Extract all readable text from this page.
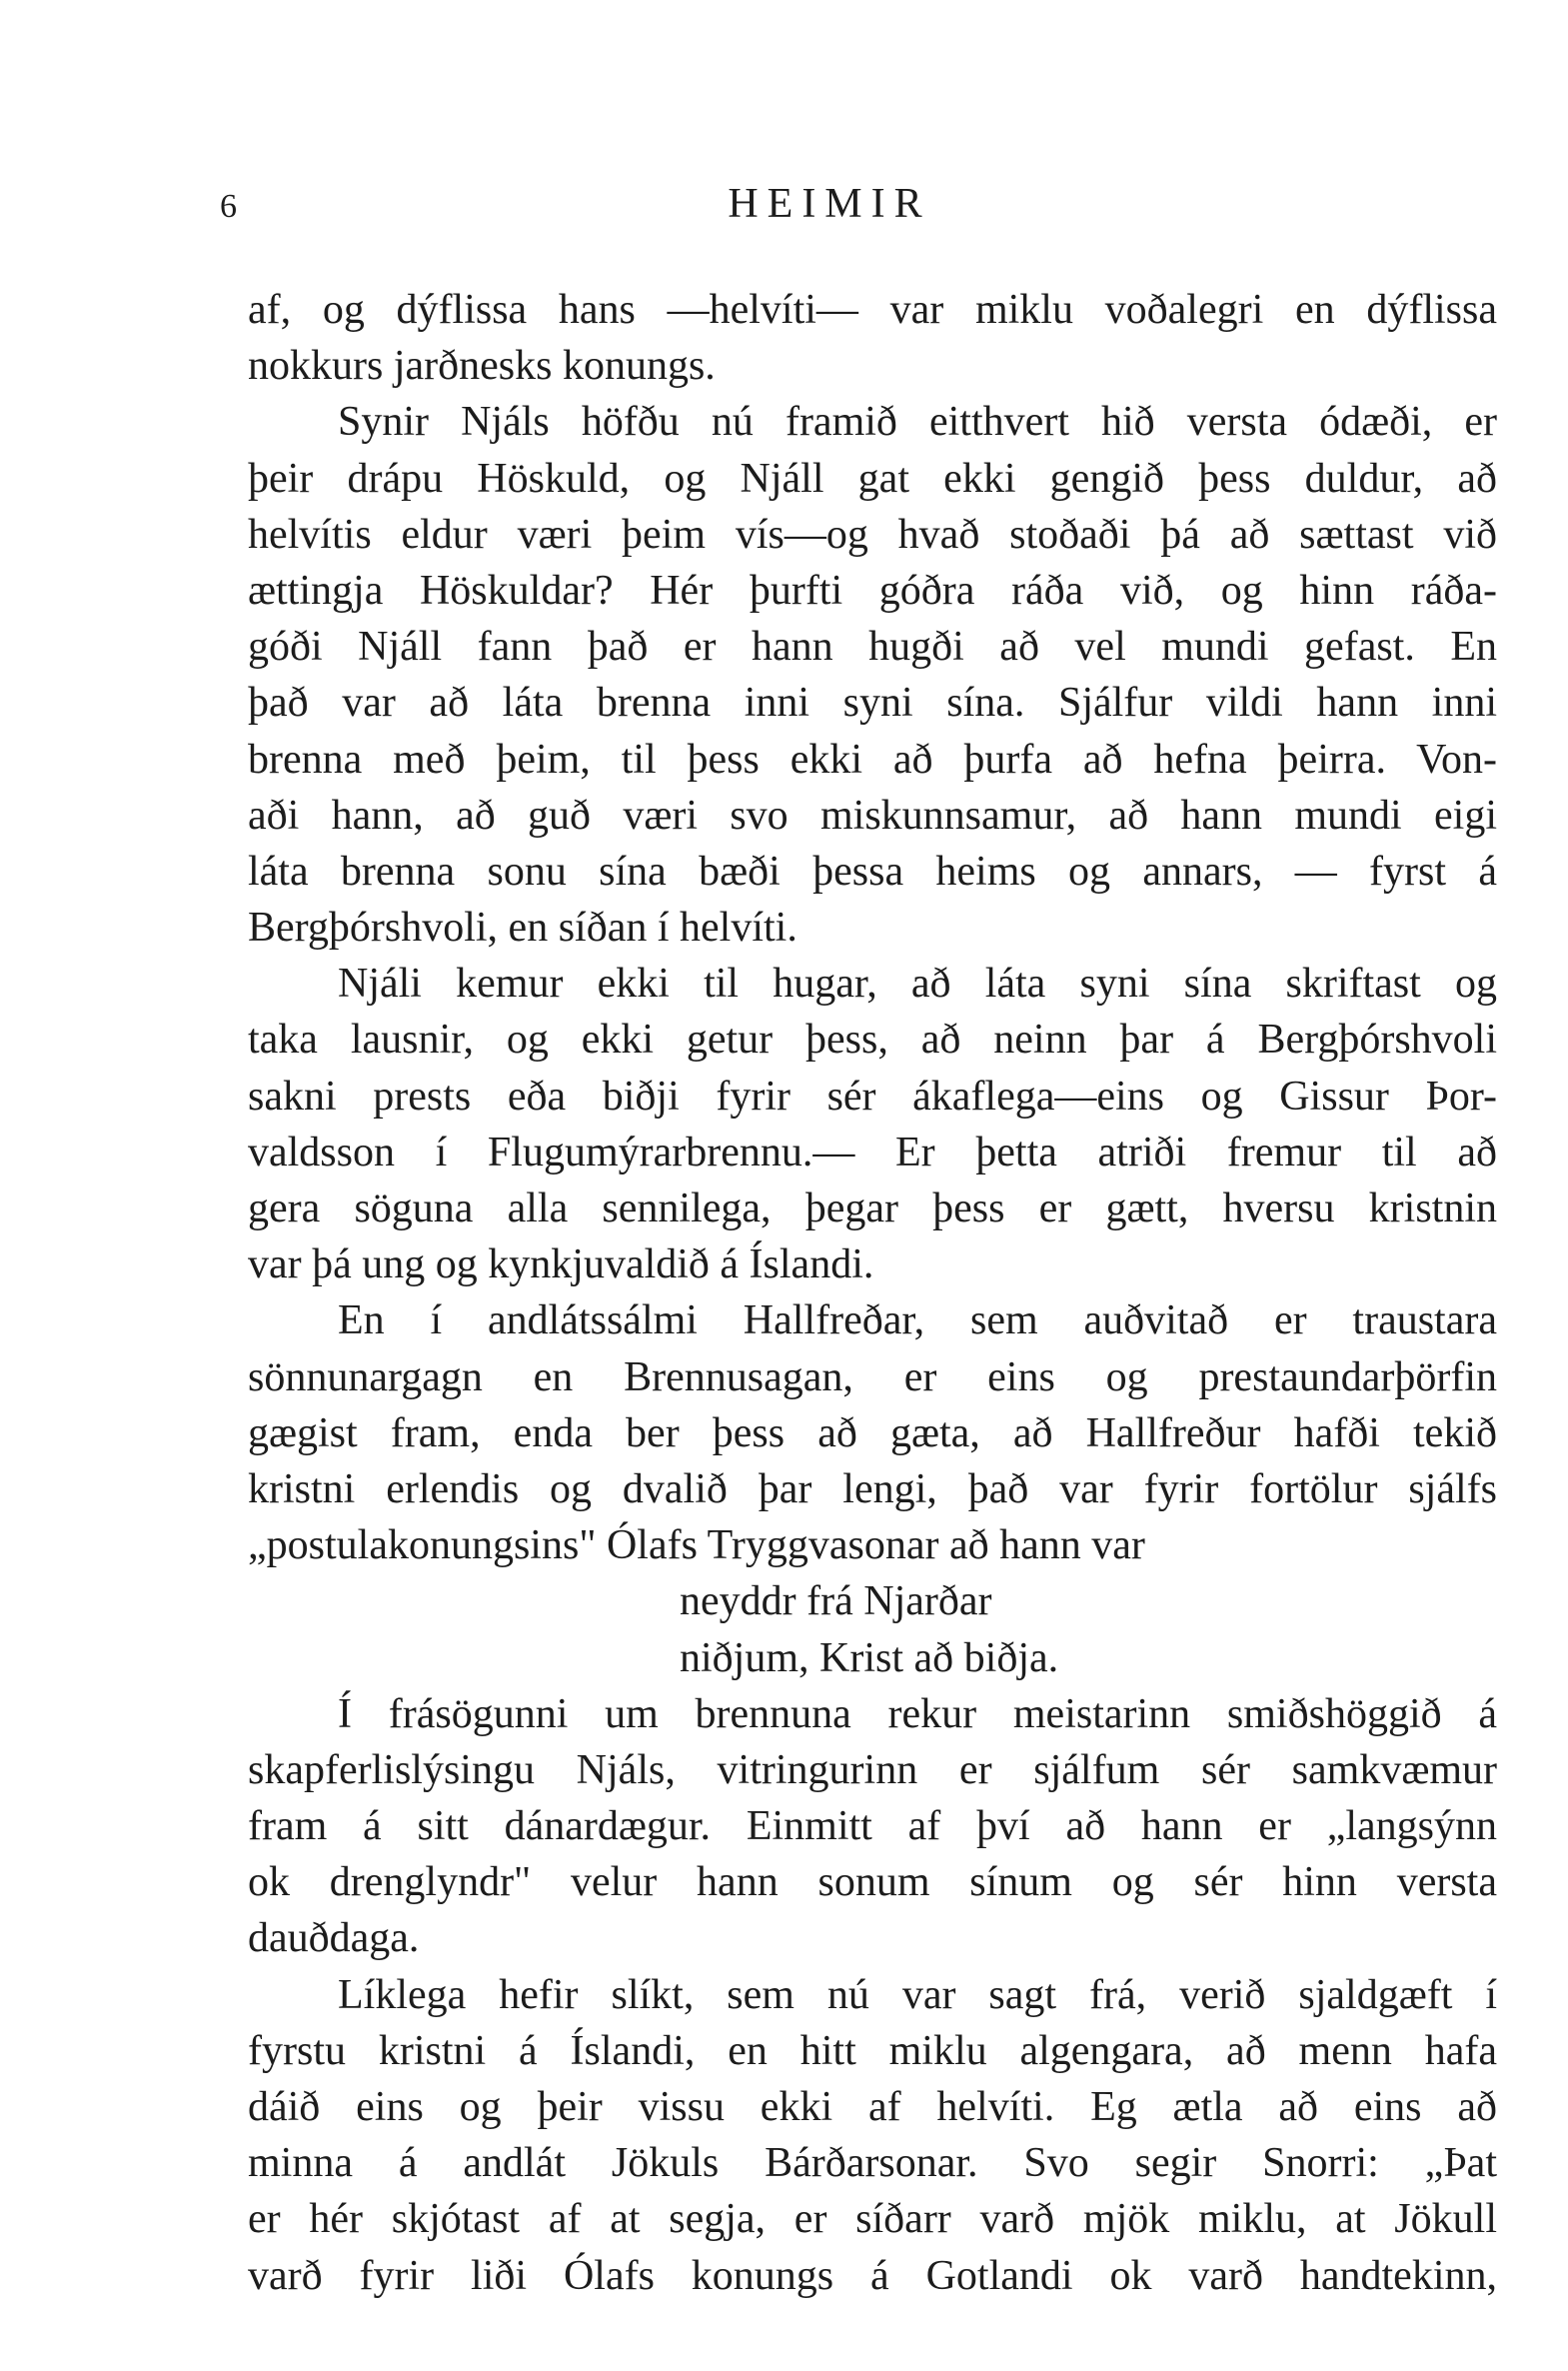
6	HEIMIR
af, og dýflissa hans —helvíti— var miklu voðalegri en dýflissa
nokkurs jarðnesks konungs.
Synir Njáls höfðu nú framið eitthvert hið versta ódæði, er
þeir drápu Höskuld, og Njáll gat ekki gengið þess duldur, að
helvítis eldur væri þeim vís—og hvað stoðaði þá að sættast við
ættingja Höskuldar? Hér þurfti góðra ráða við, og hinn ráða-
góði Njáll fann það er hann hugði að vel mundi gefast. En
það var að láta brenna inni syni sína. Sjálfur vildi hann inni
brenna með þeim, til þess ekki að þurfa að hefna þeirra. Von-
aði hann, að guð væri svo miskunnsamur, að hann mundi eigi
láta brenna sonu sína bæði þessa heims og annars, — fyrst á
Bergþórshvoli, en síðan í helvíti.
Njáli kemur ekki til hugar, að láta syni sína skriftast og
taka lausnir, og ekki getur þess, að neinn þar á Bergþórshvoli
sakni prests eða biðji fyrir sér ákaflega—eins og Gissur Þor-
valdsson í Flugumýrarbrennu.— Er þetta atriði fremur til að
gera söguna alla sennilega, þegar þess er gætt, hversu kristnin
var þá ung og kynkjuvaldið á Íslandi.
En í andlátssálmi Hallfreðar, sem auðvitað er traustara
sönnunargagn en Brennusagan, er eins og prestaundarþörfin
gægist fram, enda ber þess að gæta, að Hallfreður hafði tekið
kristni erlendis og dvalið þar lengi, það var fyrir fortölur sjálfs
„postulakonungsins" Ólafs Tryggvasonar að hann var
neyddr frá Njarðar
niðjum, Krist að biðja.
Í frásögunni um brennuna rekur meistarinn smiðshöggið á
skapferlislýsingu Njáls, vitringurinn er sjálfum sér samkvæmur
fram á sitt dánardægur. Einmitt af því að hann er „langsýnn
ok drenglyndr" velur hann sonum sínum og sér hinn versta
dauðdaga.
Líklega hefir slíkt, sem nú var sagt frá, verið sjaldgæft í
fyrstu kristni á Íslandi, en hitt miklu algengara, að menn hafa
dáið eins og þeir vissu ekki af helvíti. Eg ætla að eins að
minna á andlát Jökuls Bárðarsonar. Svo segir Snorri: „Þat
er hér skjótast af at segja, er síðarr varð mjök miklu, at Jökull
varð fyrir liði Ólafs konungs á Gotlandi ok varð handtekinn,
